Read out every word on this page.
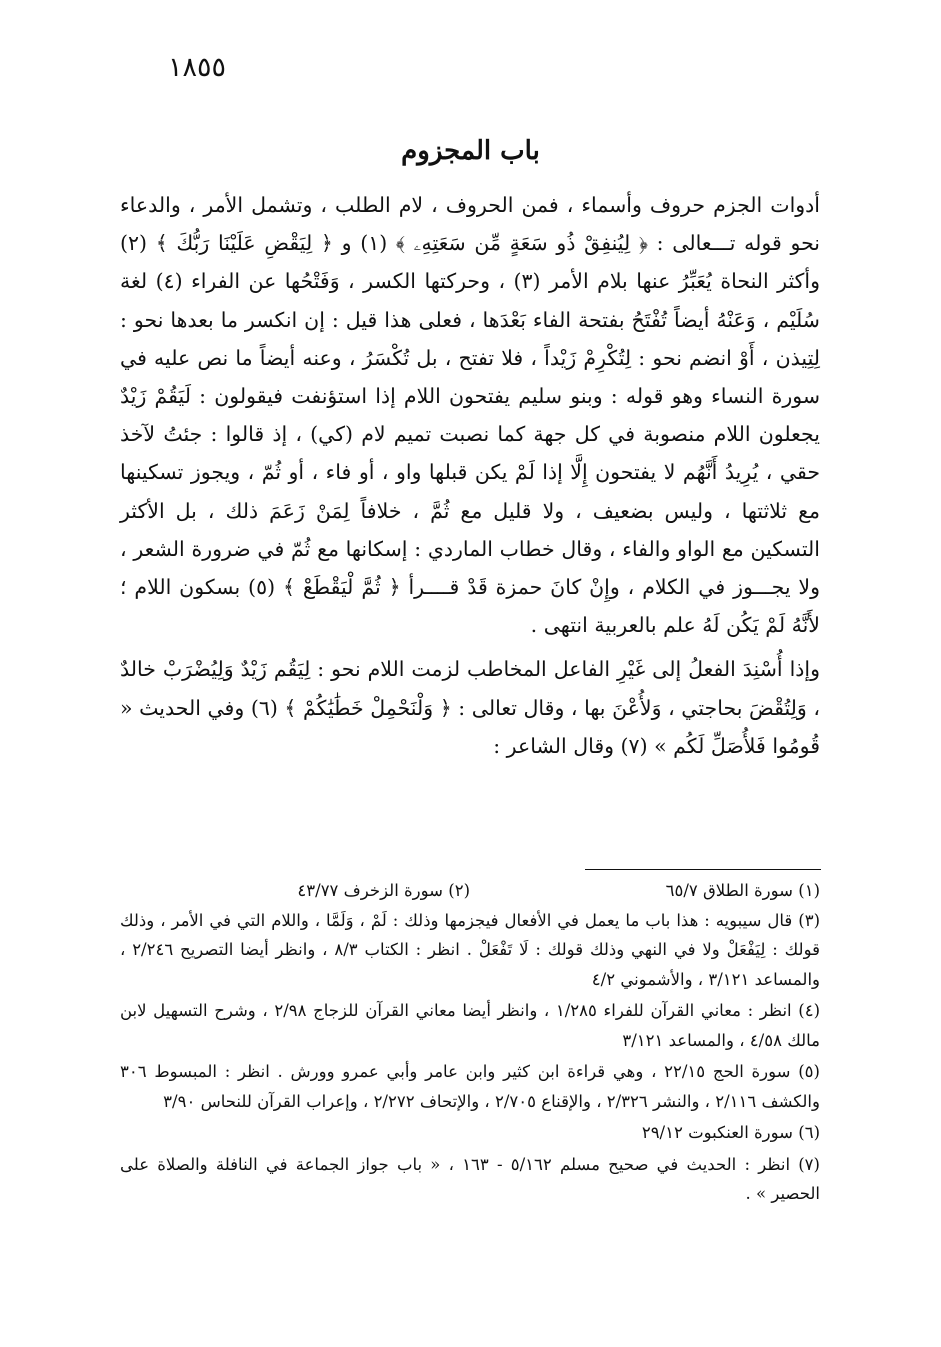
١٨٥٥
باب المجزوم

أدوات الجزم حروف وأسماء ، فمن الحروف ، لام الطلب ، وتشمل الأمر ، والدعاء نحو قوله تـــعالى : ﴿ لِيُنفِقْ ذُو سَعَةٍ مِّن سَعَتِهِۦ ﴾ (١) و ﴿ لِيَقْضِ عَلَيْنَا رَبُّكَ ﴾ (٢) وأكثر النحاة يُعَبِّرُ عنها بلام الأمر (٣) ، وحركتها الكسر ، وَفَتْحُها عن الفراء (٤) لغة سُلَيْم ، وَعَنْهُ أيضاً تُفْتَحُ بفتحة الفاء بَعْدَها ، فعلى هذا قيل : إن انكسر ما بعدها نحو : لِتِيذن ، أَوْ انضم نحو : لِتُكْرِمْ زَيْداً ، فلا تفتح ، بل تُكْسَرُ ، وعنه أيضاً ما نص عليه في سورة النساء وهو قوله : وبنو سليم يفتحون اللام إذا استؤنفت فيقولون : لَيَقُمْ زَيْدٌ يجعلون اللام منصوبة في كل جهة كما نصبت تميم لام (كي) ، إذ قالوا : جئتُ لآخذ حقي ، يُرِيدُ أَنَّهُم لا يفتحون إِلَّا إذا لَمْ يكن قبلها واو ، أو فاء ، أو ثُمّ ، ويجوز تسكينها مع ثلاثتها ، وليس بضعيف ، ولا قليل مع ثُمَّ ، خلافاً لِمَنْ زَعَمَ ذلك ، بل الأكثر التسكين مع الواو والفاء ، وقال خطاب الماردي : إسكانها مع ثُمّ في ضرورة الشعر ، ولا يجـــوز في الكلام ، وإِنْ كانَ حمزة قَدْ قــــرأ ﴿ ثُمَّ لْيَقْطَعْ ﴾ (٥) بسكون اللام ؛ لأَنَّهُ لَمْ يَكُن لَهُ علم بالعربية انتهى .

وإذا أُسْنِدَ الفعلُ إلى غَيْرِ الفاعل المخاطب لزمت اللام نحو : لِيَقُم زَيْدٌ وَلِيُضْرَبْ خالدٌ ، وَلِتُقْضَ بحاجتي ، وَلأُعْنَ بها ، وقال تعالى : ﴿ وَلْنَحْمِلْ خَطَٰيَٰكُمْ ﴾ (٦) وفي الحديث « قُومُوا فَلأُصَلِّ لَكُم » (٧) وقال الشاعر :

(١) سورة الطلاق ٦٥/٧
(٢) سورة الزخرف ٤٣/٧٧

(٣) قال سيبويه : هذا باب ما يعمل في الأفعال فيجزمها وذلك : لَمْ ، وَلَمَّا ، واللام التي في الأمر ، وذلك قولك : لِيَفْعَلْ ولا في النهي وذلك قولك : لَا تَفْعَلْ . انظر : الكتاب ٨/٣ ، وانظر أيضا التصريح ٢/٢٤٦ ، والمساعد ٣/١٢١ ، والأشموني ٤/٢

(٤) انظر : معاني القرآن للفراء ١/٢٨٥ ، وانظر أيضا معاني القرآن للزجاج ٢/٩٨ ، وشرح التسهيل لابن مالك ٤/٥٨ ، والمساعد ٣/١٢١

(٥) سورة الحج ٢٢/١٥ ، وهي قراءة ابن كثير وابن عامر وأبي عمرو وورش . انظر : المبسوط ٣٠٦ والكشف ٢/١١٦ ، والنشر ٢/٣٢٦ ، والإقناع ٢/٧٠٥ ، والإتحاف ٢/٢٧٢ ، وإعراب القرآن للنحاس ٣/٩٠

(٦) سورة العنكبوت ٢٩/١٢

(٧) انظر : الحديث في صحيح مسلم ٥/١٦٢ - ١٦٣ ، « باب جواز الجماعة في النافلة والصلاة على الحصير » .
